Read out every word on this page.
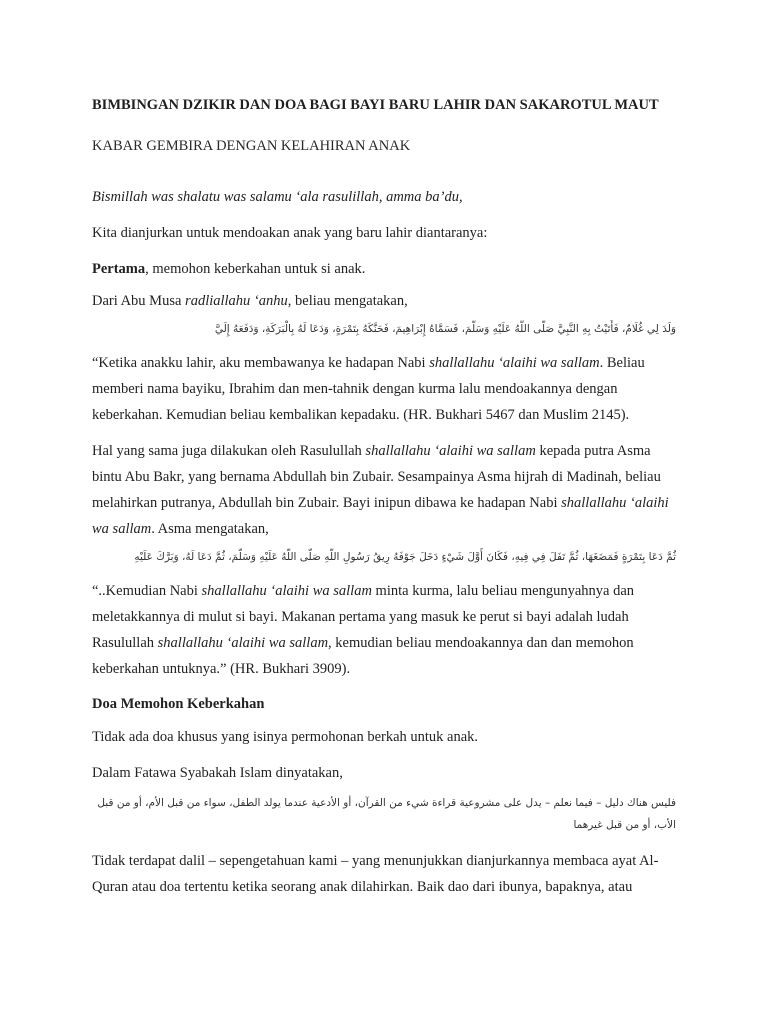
BIMBINGAN DZIKIR DAN DOA BAGI BAYI BARU LAHIR DAN SAKAROTUL MAUT
KABAR GEMBIRA DENGAN KELAHIRAN ANAK

Bismillah was shalatu was salamu ‘ala rasulillah, amma ba’du,

Kita dianjurkan untuk mendoakan anak yang baru lahir diantaranya:

Pertama, memohon keberkahan untuk si anak.

Dari Abu Musa radliallahu ‘anhu, beliau mengatakan,

وَلَدَ لِي غُلَامٌ، فَأَتَيْتُ بِهِ النَّبِيَّ صَلَّى اللَّهُ عَلَيْهِ وَسَلَّمَ، فَسَمَّاهُ إِبْرَاهِيمَ، فَحَنَّكَهُ بِتَمْرَةٍ، وَدَعَا لَهُ بِالْبَرَكَةِ، وَدَفَعَهُ إِلَيَّ

“Ketika anakku lahir, aku membawanya ke hadapan Nabi shallallahu ‘alaihi wa sallam. Beliau memberi nama bayiku, Ibrahim dan men-tahnik dengan kurma lalu mendoakannya dengan keberkahan. Kemudian beliau kembalikan kepadaku. (HR. Bukhari 5467 dan Muslim 2145).

Hal yang sama juga dilakukan oleh Rasulullah shallallahu ‘alaihi wa sallam kepada putra Asma bintu Abu Bakr, yang bernama Abdullah bin Zubair. Sesampainya Asma hijrah di Madinah, beliau melahirkan putranya, Abdullah bin Zubair. Bayi inipun dibawa ke hadapan Nabi shallallahu ‘alaihi wa sallam. Asma mengatakan,

ثُمَّ دَعَا بِتَمْرَةٍ فَمَضَغَهَا، ثُمَّ تَفَلَ فِي فِيهِ، فَكَانَ أَوَّلَ شَيْءٍ دَخَلَ جَوْفَهُ رِيقُ رَسُولِ اللَّهِ صَلَّى اللَّهُ عَلَيْهِ وَسَلَّمَ، ثُمَّ دَعَا لَهُ، وَبَرَّكَ عَلَيْهِ

“..Kemudian Nabi shallallahu ‘alaihi wa sallam minta kurma, lalu beliau mengunyahnya dan meletakkannya di mulut si bayi. Makanan pertama yang masuk ke perut si bayi adalah ludah Rasulullah shallallahu ‘alaihi wa sallam, kemudian beliau mendoakannya dan dan memohon keberkahan untuknya.” (HR. Bukhari 3909).

Doa Memohon Keberkahan

Tidak ada doa khusus yang isinya permohonan berkah untuk anak.

Dalam Fatawa Syabakah Islam dinyatakan,

فليس هناك دليل – فيما نعلم – يدل على مشروعية قراءة شيء من القرآن، أو الأدعية عندما يولد الطفل، سواء من قبل الأم، أو من قبل الأب، أو من قبل غيرهما

Tidak terdapat dalil – sepengetahuan kami – yang menunjukkan dianjurkannya membaca ayat Al-Quran atau doa tertentu ketika seorang anak dilahirkan. Baik dao dari ibunya, bapaknya, atau
